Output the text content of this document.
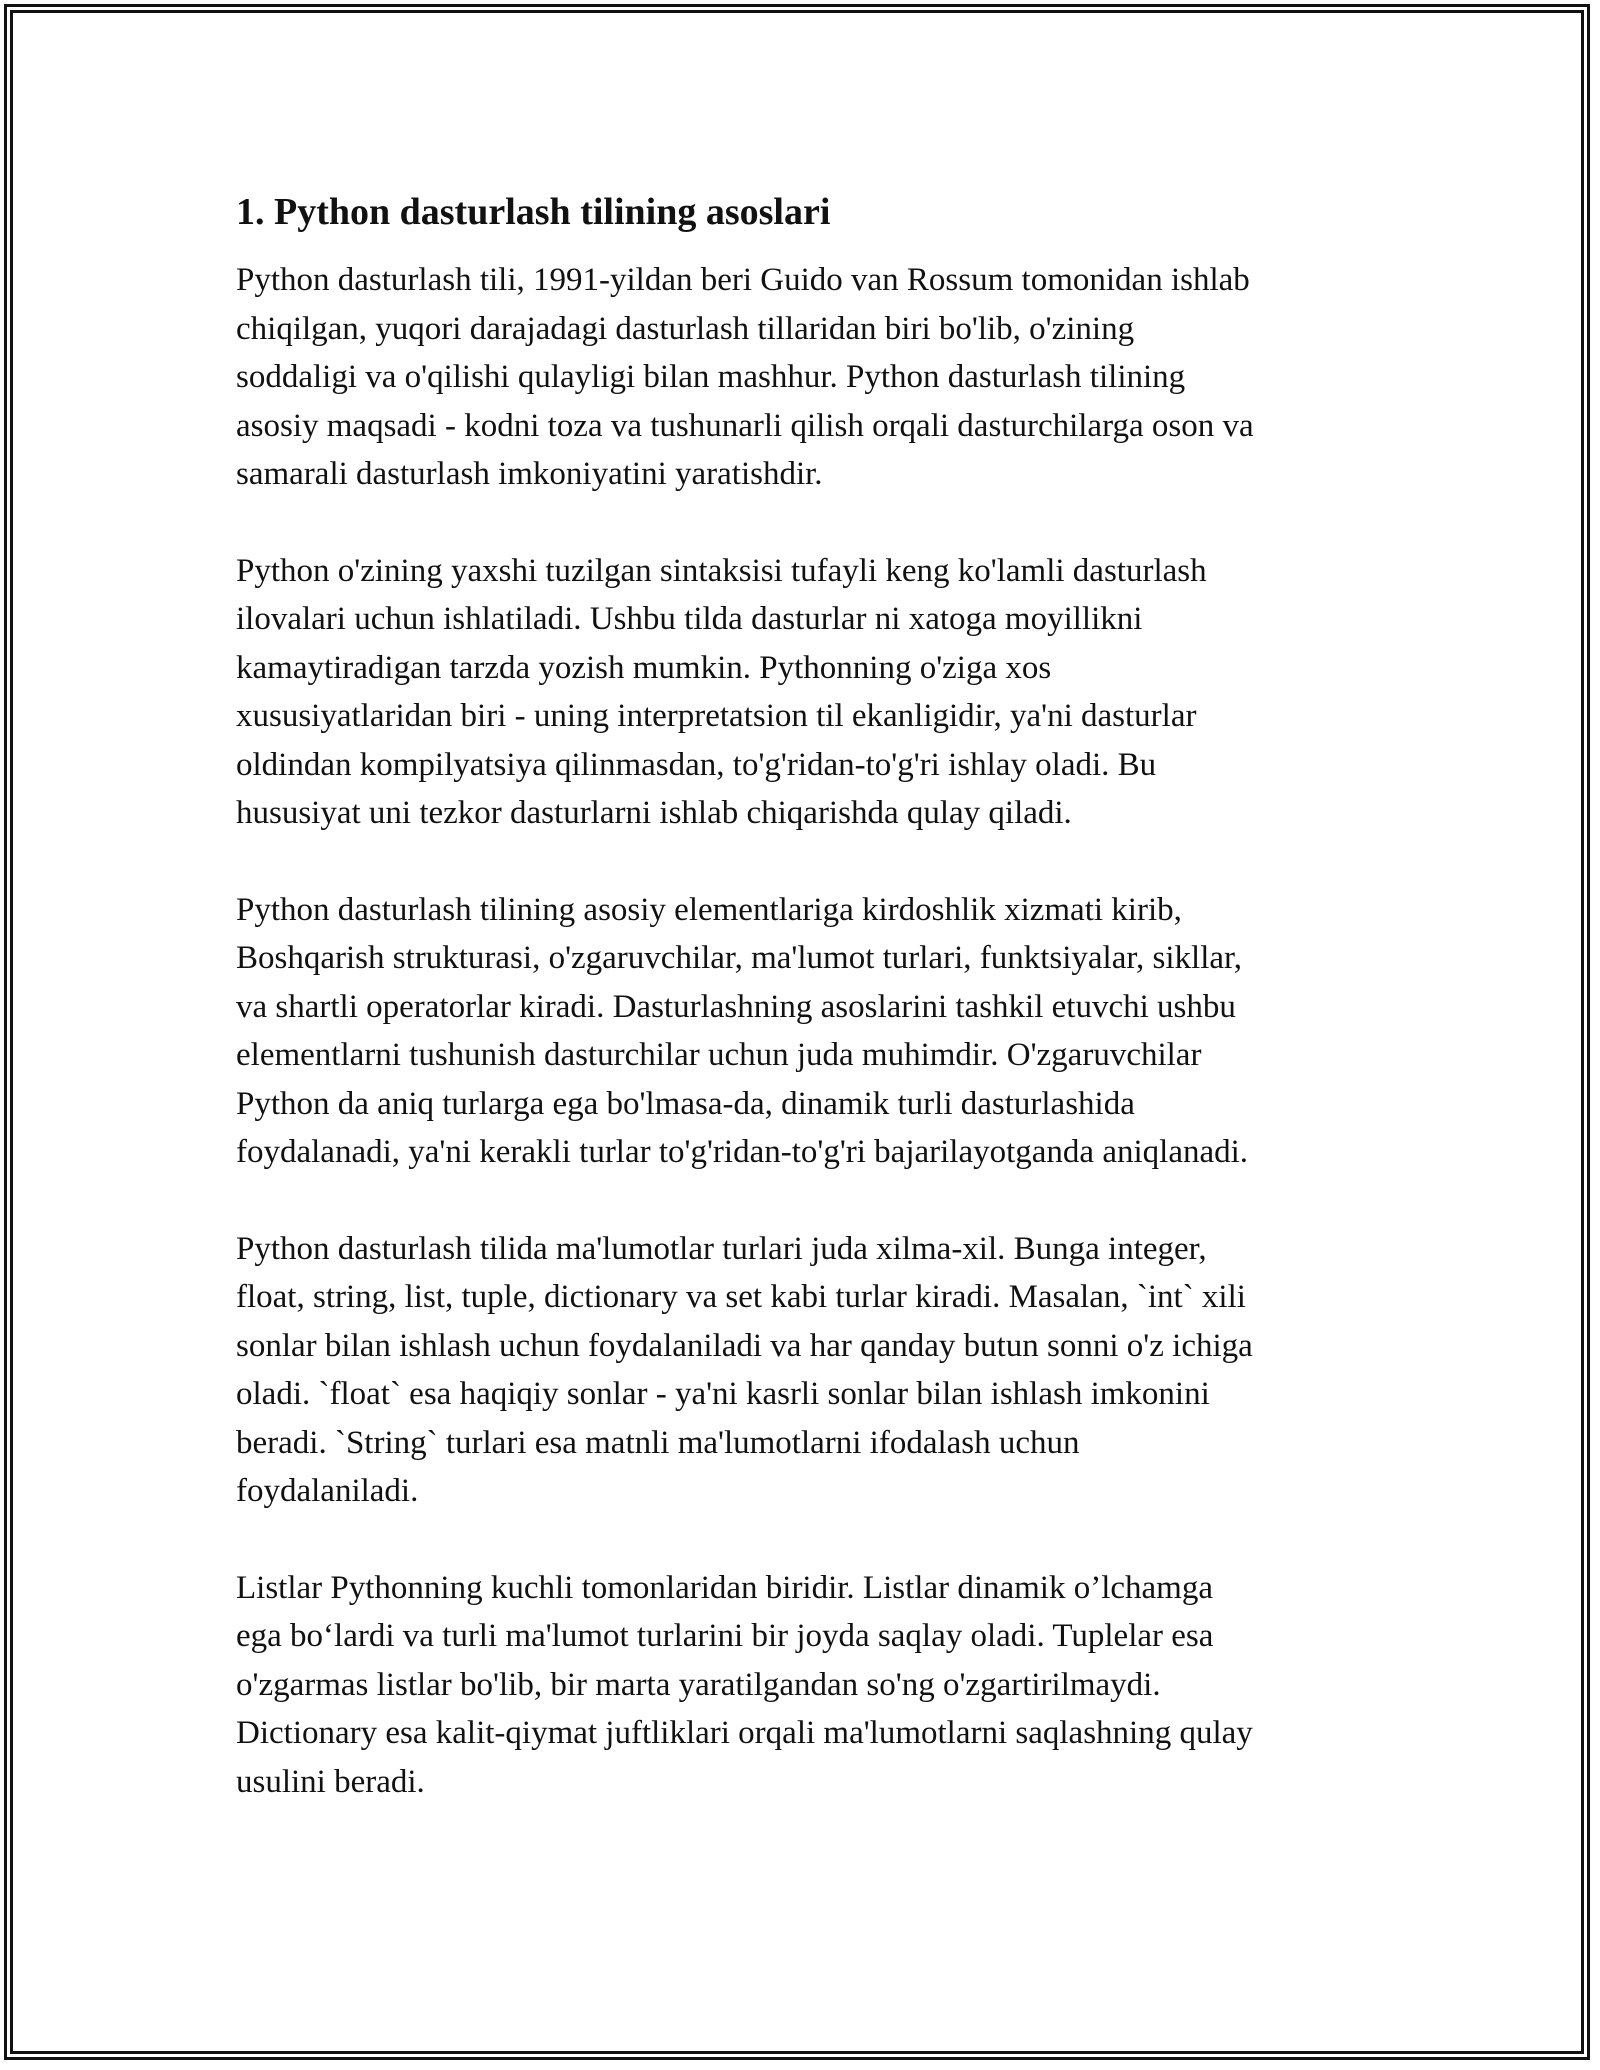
1. Python dasturlash tilining asoslari

Python dasturlash tili, 1991-yildan beri Guido van Rossum tomonidan ishlab
chiqilgan, yuqori darajadagi dasturlash tillaridan biri bo'lib, o'zining
soddaligi va o'qilishi qulayligi bilan mashhur. Python dasturlash tilining
asosiy maqsadi - kodni toza va tushunarli qilish orqali dasturchilarga oson va
samarali dasturlash imkoniyatini yaratishdir.

Python o'zining yaxshi tuzilgan sintaksisi tufayli keng ko'lamli dasturlash
ilovalari uchun ishlatiladi. Ushbu tilda dasturlar ni xatoga moyillikni
kamaytiradigan tarzda yozish mumkin. Pythonning o'ziga xos
xususiyatlaridan biri - uning interpretatsion til ekanligidir, ya'ni dasturlar
oldindan kompilyatsiya qilinmasdan, to'g'ridan-to'g'ri ishlay oladi. Bu
hususiyat uni tezkor dasturlarni ishlab chiqarishda qulay qiladi.

Python dasturlash tilining asosiy elementlariga kirdoshlik xizmati kirib,
Boshqarish strukturasi, o'zgaruvchilar, ma'lumot turlari, funktsiyalar, sikllar,
va shartli operatorlar kiradi. Dasturlashning asoslarini tashkil etuvchi ushbu
elementlarni tushunish dasturchilar uchun juda muhimdir. O'zgaruvchilar
Python da aniq turlarga ega bo'lmasa-da, dinamik turli dasturlashida
foydalanadi, ya'ni kerakli turlar to'g'ridan-to'g'ri bajarilayotganda aniqlanadi.

Python dasturlash tilida ma'lumotlar turlari juda xilma-xil. Bunga integer,
float, string, list, tuple, dictionary va set kabi turlar kiradi. Masalan, `int` xili
sonlar bilan ishlash uchun foydalaniladi va har qanday butun sonni o'z ichiga
oladi. `float` esa haqiqiy sonlar - ya'ni kasrli sonlar bilan ishlash imkonini
beradi. `String` turlari esa matnli ma'lumotlarni ifodalash uchun
foydalaniladi.

Listlar Pythonning kuchli tomonlaridan biridir. Listlar dinamik o’lchamga
ega bo‘lardi va turli ma'lumot turlarini bir joyda saqlay oladi. Tuplelar esa
o'zgarmas listlar bo'lib, bir marta yaratilgandan so'ng o'zgartirilmaydi.
Dictionary esa kalit-qiymat juftliklari orqali ma'lumotlarni saqlashning qulay
usulini beradi.
